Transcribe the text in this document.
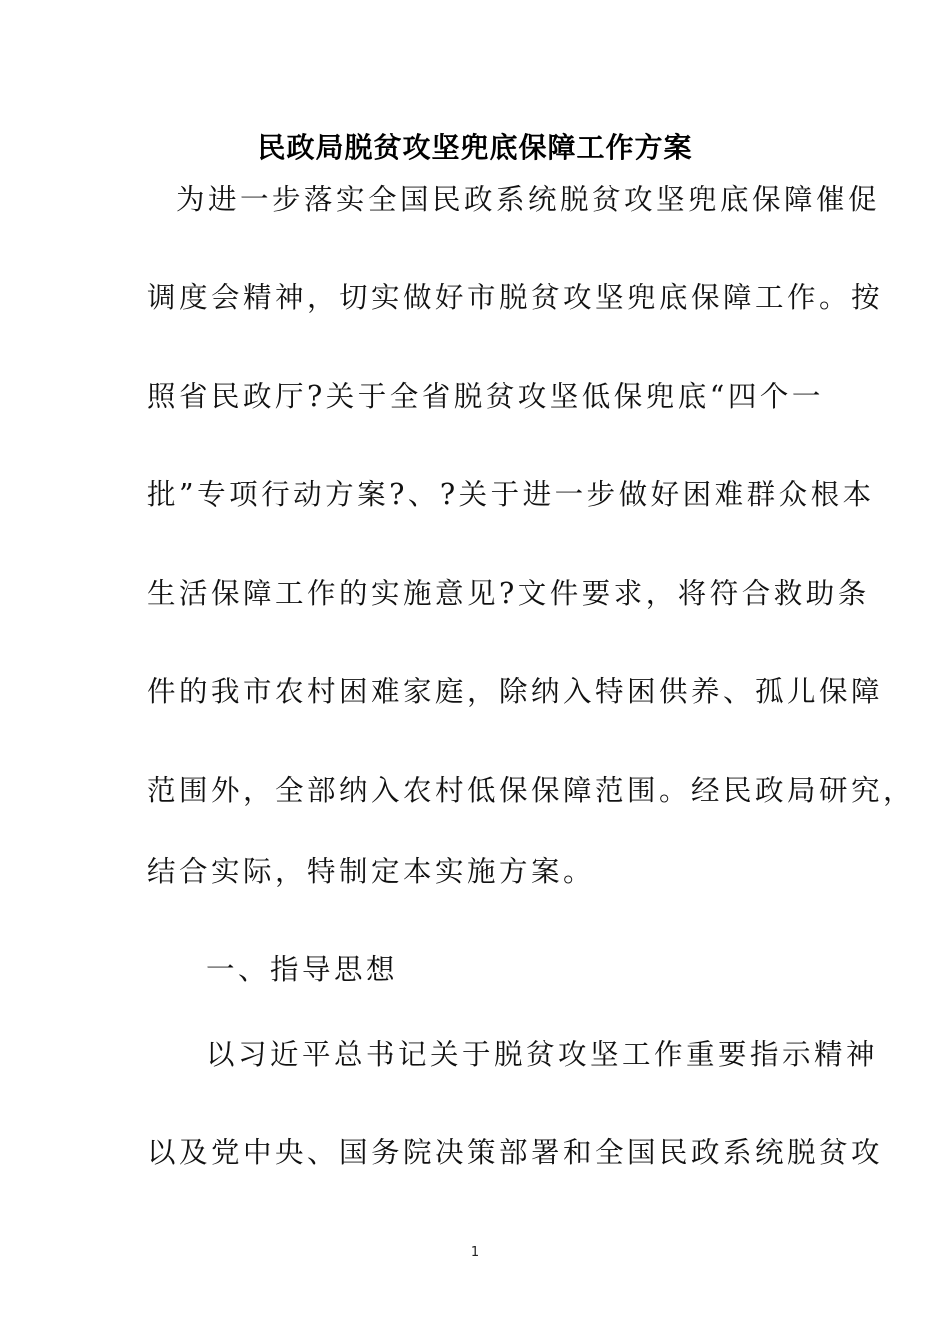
民政局脱贫攻坚兜底保障工作方案
为进一步落实全国民政系统脱贫攻坚兜底保障催促
调度会精神，切实做好市脱贫攻坚兜底保障工作。按
照省民政厅?关于全省脱贫攻坚低保兜底“四个一
批”专项行动方案?、?关于进一步做好困难群众根本
生活保障工作的实施意见?文件要求，将符合救助条
件的我市农村困难家庭，除纳入特困供养、孤儿保障
范围外，全部纳入农村低保保障范围。经民政局研究，
结合实际，特制定本实施方案。
一、指导思想
以习近平总书记关于脱贫攻坚工作重要指示精神
以及党中央、国务院决策部署和全国民政系统脱贫攻
1
